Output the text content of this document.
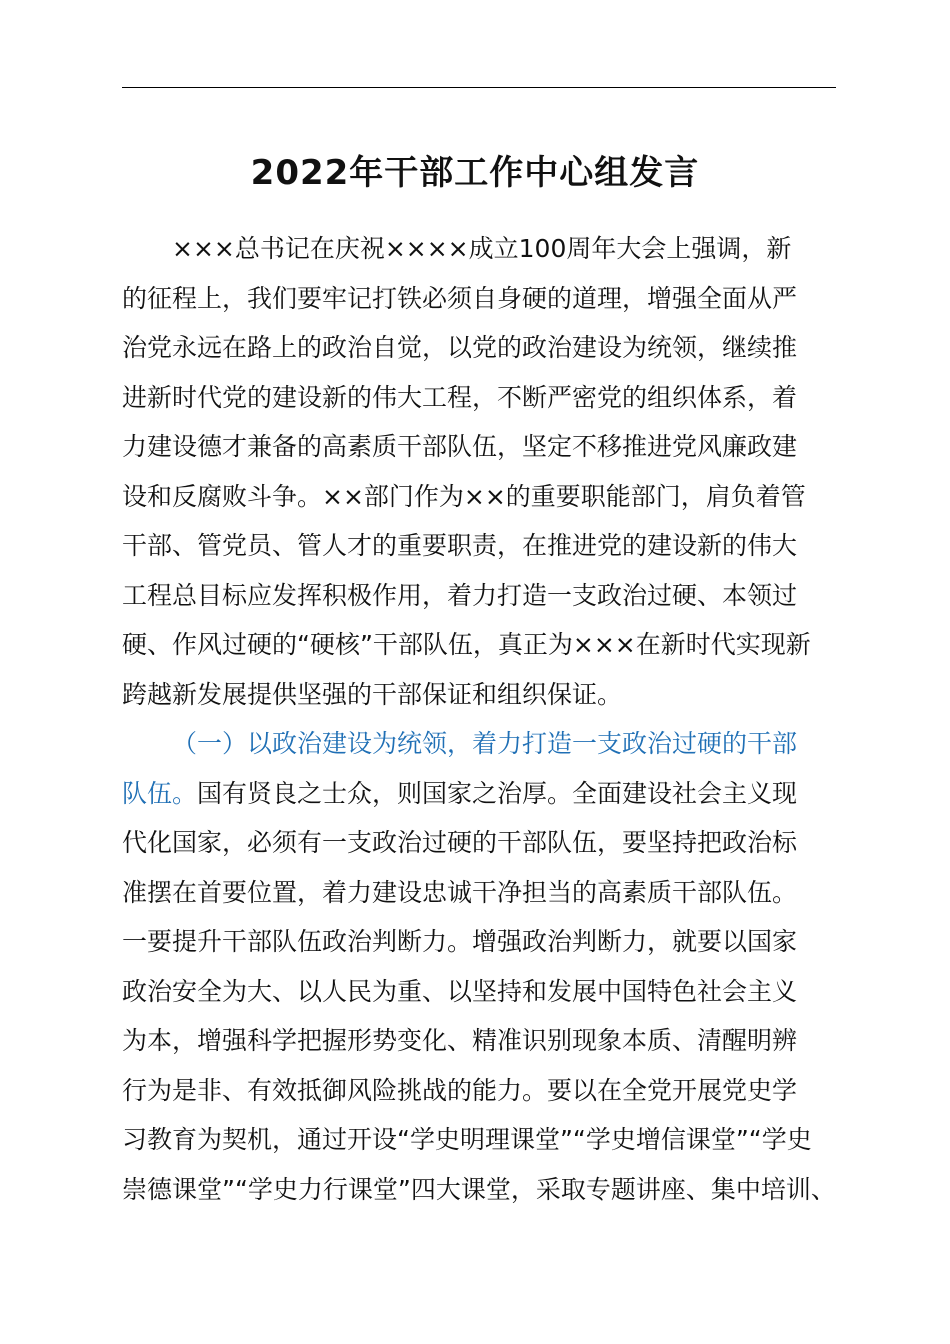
2022年干部工作中心组发言
×××总书记在庆祝××××成立100周年大会上强调，新
的征程上，我们要牢记打铁必须自身硬的道理，增强全面从严
治党永远在路上的政治自觉，以党的政治建设为统领，继续推
进新时代党的建设新的伟大工程，不断严密党的组织体系，着
力建设德才兼备的高素质干部队伍，坚定不移推进党风廉政建
设和反腐败斗争。××部门作为××的重要职能部门，肩负着管
干部、管党员、管人才的重要职责，在推进党的建设新的伟大
工程总目标应发挥积极作用，着力打造一支政治过硬、本领过
硬、作风过硬的“硬核”干部队伍，真正为×××在新时代实现新
跨越新发展提供坚强的干部保证和组织保证。
（一）以政治建设为统领，着力打造一支政治过硬的干部
队伍。国有贤良之士众，则国家之治厚。全面建设社会主义现
代化国家，必须有一支政治过硬的干部队伍，要坚持把政治标
准摆在首要位置，着力建设忠诚干净担当的高素质干部队伍。
一要提升干部队伍政治判断力。增强政治判断力，就要以国家
政治安全为大、以人民为重、以坚持和发展中国特色社会主义
为本，增强科学把握形势变化、精准识别现象本质、清醒明辨
行为是非、有效抵御风险挑战的能力。要以在全党开展党史学
习教育为契机，通过开设“学史明理课堂”“学史增信课堂”“学史
崇德课堂”“学史力行课堂”四大课堂，采取专题讲座、集中培训、
